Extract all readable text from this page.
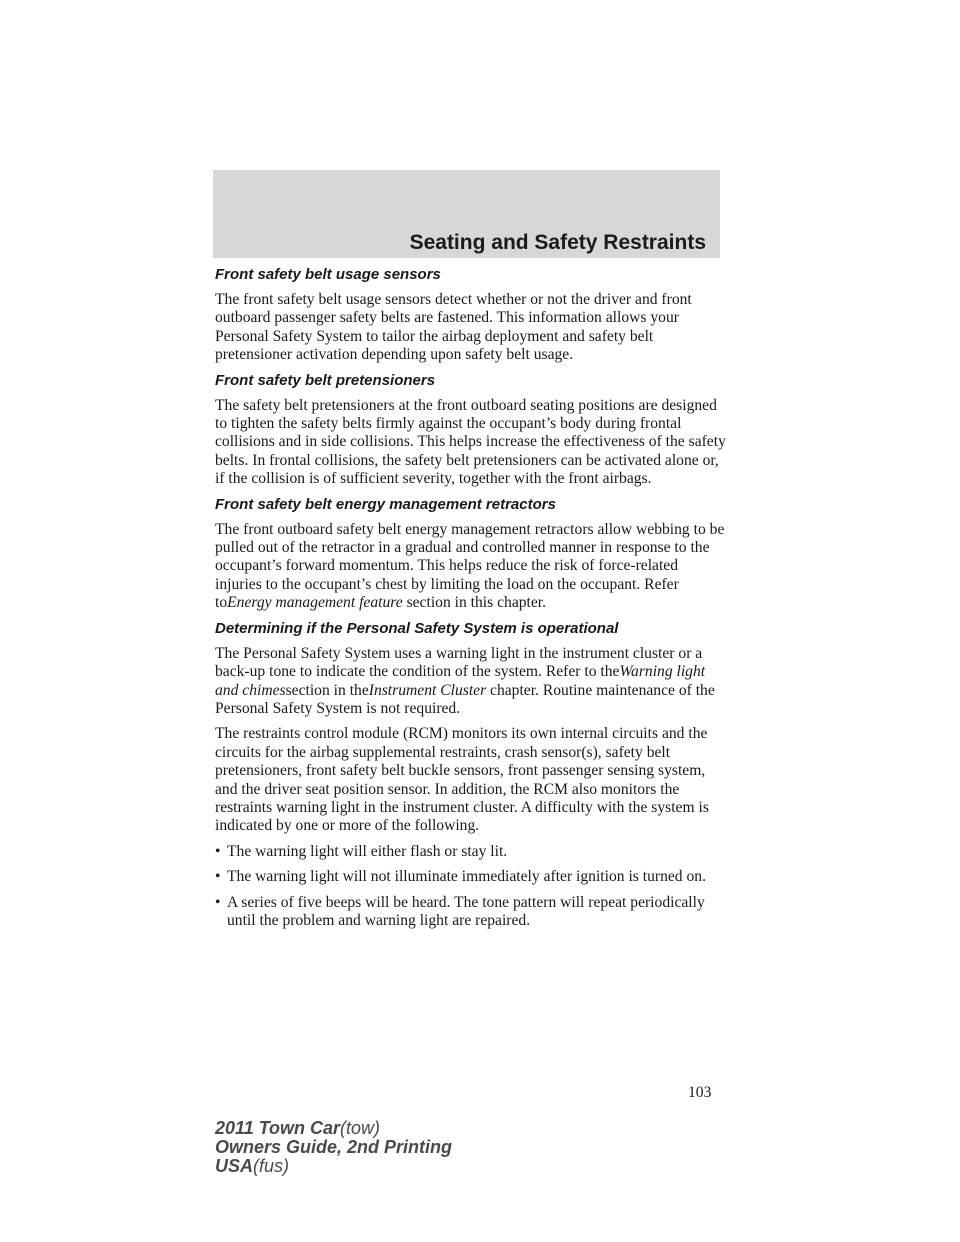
Seating and Safety Restraints
Front safety belt usage sensors
The front safety belt usage sensors detect whether or not the driver and front outboard passenger safety belts are fastened. This information allows your Personal Safety System to tailor the airbag deployment and safety belt pretensioner activation depending upon safety belt usage.
Front safety belt pretensioners
The safety belt pretensioners at the front outboard seating positions are designed to tighten the safety belts firmly against the occupant’s body during frontal collisions and in side collisions. This helps increase the effectiveness of the safety belts. In frontal collisions, the safety belt pretensioners can be activated alone or, if the collision is of sufficient severity, together with the front airbags.
Front safety belt energy management retractors
The front outboard safety belt energy management retractors allow webbing to be pulled out of the retractor in a gradual and controlled manner in response to the occupant’s forward momentum. This helps reduce the risk of force-related injuries to the occupant’s chest by limiting the load on the occupant. Refer toEnergy management feature section in this chapter.
Determining if the Personal Safety System is operational
The Personal Safety System uses a warning light in the instrument cluster or a back-up tone to indicate the condition of the system. Refer to theWarning light and chimessection in theInstrument Cluster chapter. Routine maintenance of the Personal Safety System is not required.
The restraints control module (RCM) monitors its own internal circuits and the circuits for the airbag supplemental restraints, crash sensor(s), safety belt pretensioners, front safety belt buckle sensors, front passenger sensing system, and the driver seat position sensor. In addition, the RCM also monitors the restraints warning light in the instrument cluster. A difficulty with the system is indicated by one or more of the following.
• The warning light will either flash or stay lit.
• The warning light will not illuminate immediately after ignition is turned on.
• A series of five beeps will be heard. The tone pattern will repeat periodically until the problem and warning light are repaired.
103
2011 Town Car(tow)
Owners Guide, 2nd Printing
USA(fus)
